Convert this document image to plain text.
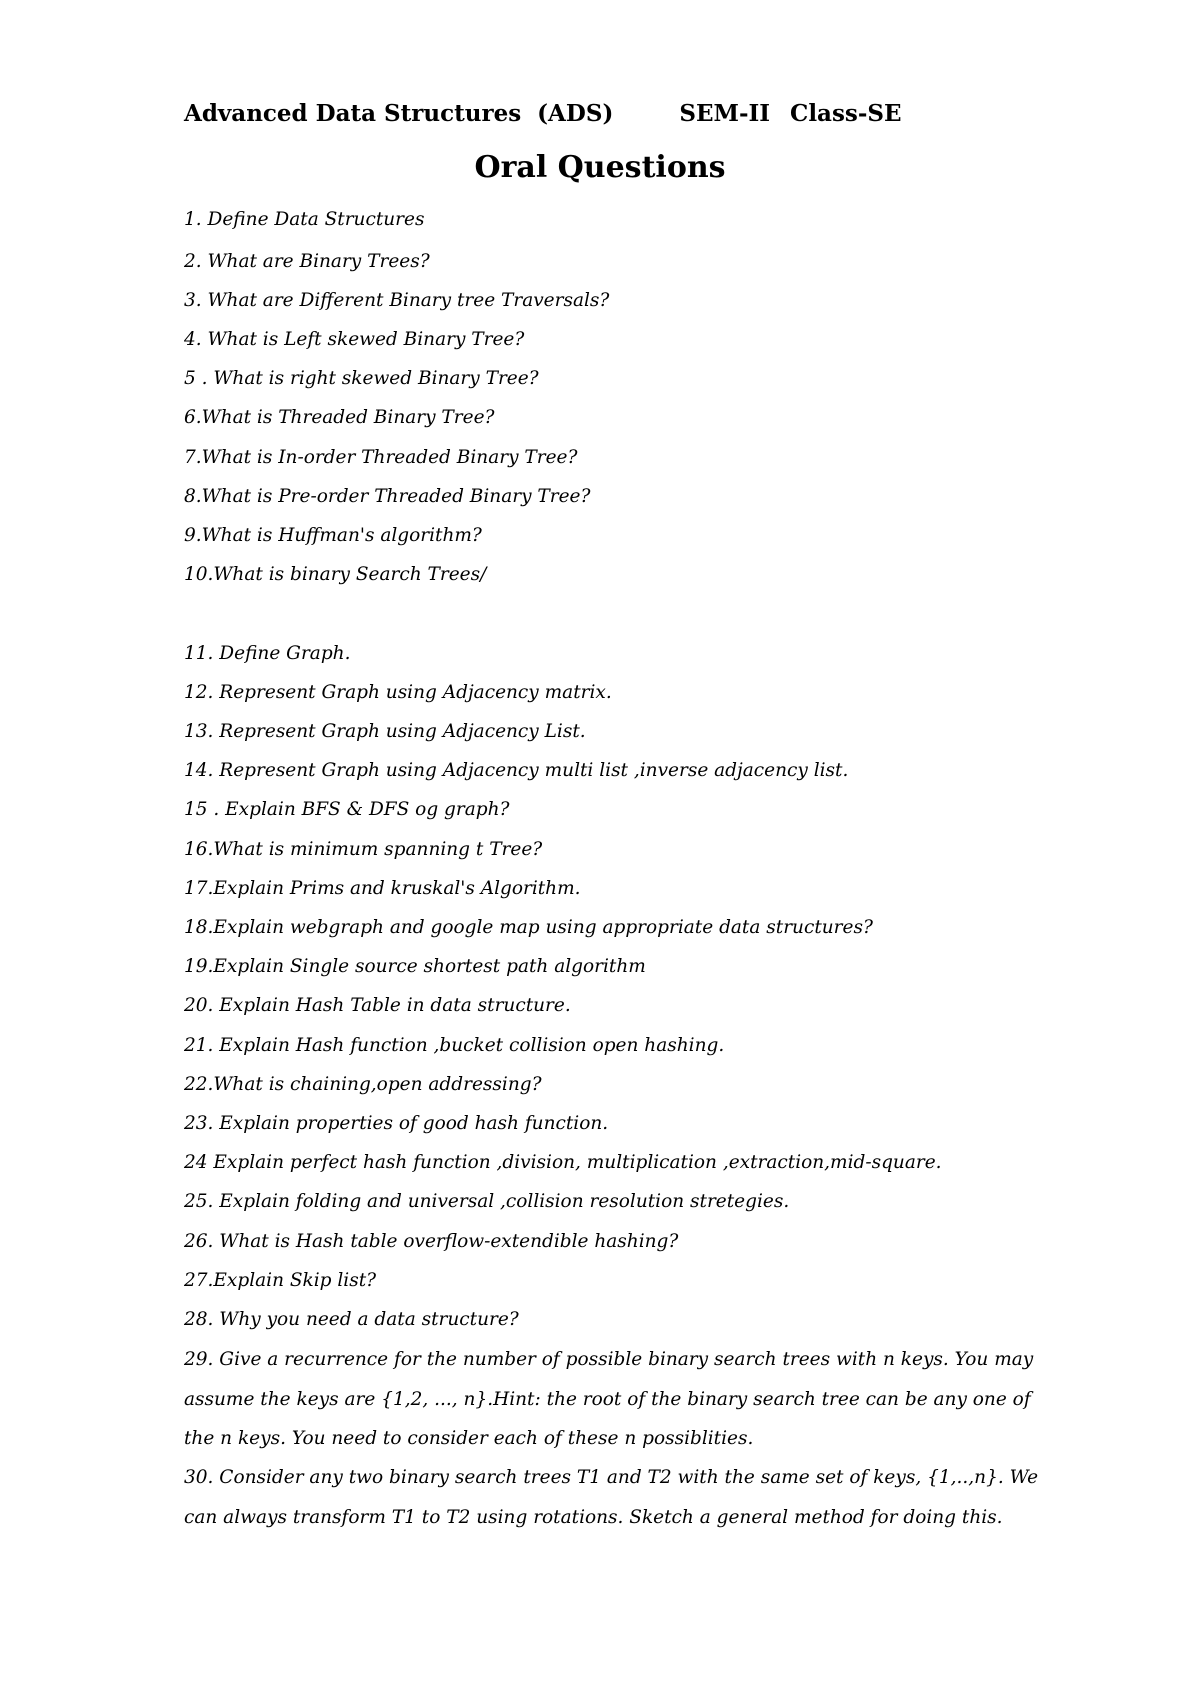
Advanced Data Structures  (ADS)	SEM-II Class-SE
Oral Questions
1. Define Data Structures
2. What are Binary Trees?
3. What are Different Binary tree Traversals?
4. What is Left skewed Binary Tree?
5 . What is right skewed Binary Tree?
6.What is Threaded Binary Tree?
7.What is In-order Threaded Binary Tree?
8.What is Pre-order Threaded Binary Tree?
9.What is Huffman's algorithm?
10.What is binary Search Trees/
11. Define Graph.
12. Represent Graph using Adjacency matrix.
13. Represent Graph using Adjacency List.
14. Represent Graph using Adjacency multi list ,inverse adjacency list.
15 . Explain BFS & DFS og graph?
16.What is minimum spanning t Tree?
17.Explain Prims and kruskal's Algorithm.
18.Explain webgraph and google map using appropriate data structures?
19.Explain Single source shortest path algorithm
20. Explain Hash Table in data structure.
21. Explain Hash function ,bucket collision open hashing.
22.What is chaining,open addressing?
23. Explain properties of good hash function.
24 Explain perfect hash function ,division, multiplication ,extraction,mid-square.
25. Explain folding and universal ,collision resolution stretegies.
26. What is Hash table overflow-extendible hashing?
27.Explain Skip list?
28. Why you need a data structure?
29. Give a recurrence for the number of possible binary search trees with n keys. You may assume the keys are {1,2, ..., n}.Hint: the root of the binary search tree can be any one of the n keys. You need to consider each of these n possiblities.
30. Consider any two binary search trees T1 and T2 with the same set of keys, {1,..,n}. We can always transform T1 to T2 using rotations. Sketch a general method for doing this.
